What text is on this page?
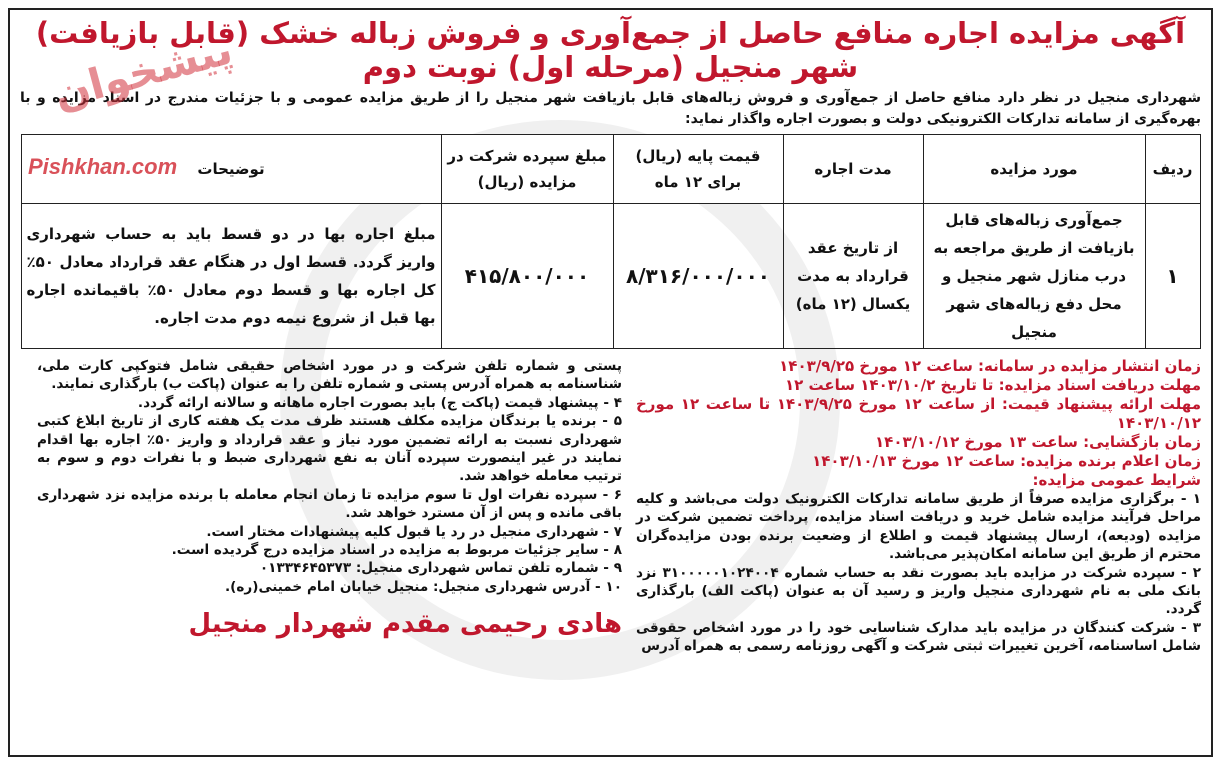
پیشخوان
Pishkhan.com
آگهی مزایده اجاره منافع حاصل از جمع‌آوری و فروش زباله خشک (قابل بازیافت)
شهر منجیل (مرحله اول) نوبت دوم

شهرداری منجیل در نظر دارد منافع حاصل از جمع‌آوری و فروش زباله‌های قابل بازیافت شهر منجیل را از طریق مزایده عمومی و با جزئیات مندرج در اسناد مزایده و با بهره‌گیری از سامانه تدارکات الکترونیکی دولت و بصورت اجاره واگذار نماید:

ردیف	مورد مزایده	مدت اجاره	قیمت پایه (ریال) برای ۱۲ ماه	مبلغ سپرده شرکت در مزایده (ریال)	توضیحات
۱	جمع‌آوری زباله‌های قابل بازیافت از طریق مراجعه به درب منازل شهر منجیل و محل دفع زباله‌های شهر منجیل	از تاریخ عقد قرارداد به مدت یکسال (۱۲ ماه)	۸/۳۱۶/۰۰۰/۰۰۰	۴۱۵/۸۰۰/۰۰۰	مبلغ اجاره بها در دو قسط باید به حساب شهرداری واریز گردد. قسط اول در هنگام عقد قرارداد معادل ۵۰٪ کل اجاره بها و قسط دوم معادل ۵۰٪ باقیمانده اجاره بها قبل از شروع نیمه دوم مدت اجاره.

زمان انتشار مزایده در سامانه: ساعت ۱۲ مورخ ۱۴۰۳/۹/۲۵

مهلت دریافت اسناد مزایده: تا تاریخ ۱۴۰۳/۱۰/۲ ساعت ۱۲

مهلت ارائه پیشنهاد قیمت: از ساعت ۱۲ مورخ ۱۴۰۳/۹/۲۵ تا ساعت ۱۲ مورخ ۱۴۰۳/۱۰/۱۲

زمان بازگشایی: ساعت ۱۳ مورخ ۱۴۰۳/۱۰/۱۲

زمان اعلام برنده مزایده: ساعت ۱۲ مورخ ۱۴۰۳/۱۰/۱۳

شرایط عمومی مزایده:

۱ - برگزاری مزایده صرفاً از طریق سامانه تدارکات الکترونیک دولت می‌باشد و کلیه مراحل فرآیند مزایده شامل خرید و دریافت اسناد مزایده، پرداخت تضمین شرکت در مزایده (ودیعه)، ارسال پیشنهاد قیمت و اطلاع از وضعیت برنده بودن مزایده‌گران محترم از طریق این سامانه امکان‌پذیر می‌باشد.

۲ - سپرده شرکت در مزایده باید بصورت نقد به حساب شماره ۳۱۰۰۰۰۰۱۰۲۴۰۰۴ نزد بانک ملی به نام شهرداری منجیل واریز و رسید آن به عنوان (پاکت الف) بارگذاری گردد.

۳ - شرکت کنندگان در مزایده باید مدارک شناسایی خود را در مورد اشخاص حقوقی شامل اساسنامه، آخرین تغییرات ثبتی شرکت و آگهی روزنامه رسمی به همراه آدرس

پستی و شماره تلفن شرکت و در مورد اشخاص حقیقی شامل فتوکپی کارت ملی، شناسنامه به همراه آدرس پستی و شماره تلفن را به عنوان (پاکت ب) بارگذاری نمایند.

۴ - پیشنهاد قیمت (پاکت ج) باید بصورت اجاره ماهانه و سالانه ارائه گردد.

۵ - برنده یا برندگان مزایده مکلف هستند ظرف مدت یک هفته کاری از تاریخ ابلاغ کتبی شهرداری نسبت به ارائه تضمین مورد نیاز و عقد قرارداد و واریز ۵۰٪ اجاره بها اقدام نمایند در غیر اینصورت سپرده آنان به نفع شهرداری ضبط و با نفرات دوم و سوم به ترتیب معامله خواهد شد.

۶ - سپرده نفرات اول تا سوم مزایده تا زمان انجام معامله با برنده مزایده نزد شهرداری باقی مانده و پس از آن مسترد خواهد شد.

۷ - شهرداری منجیل در رد یا قبول کلیه پیشنهادات مختار است.

۸ - سایر جزئیات مربوط به مزایده در اسناد مزایده درج گردیده است.

۹ - شماره تلفن تماس شهرداری منجیل: ۰۱۳۳۴۶۴۵۳۷۳

۱۰ - آدرس شهرداری منجیل: منجیل خیابان امام خمینی(ره).

هادی رحیمی مقدم شهردار منجیل
